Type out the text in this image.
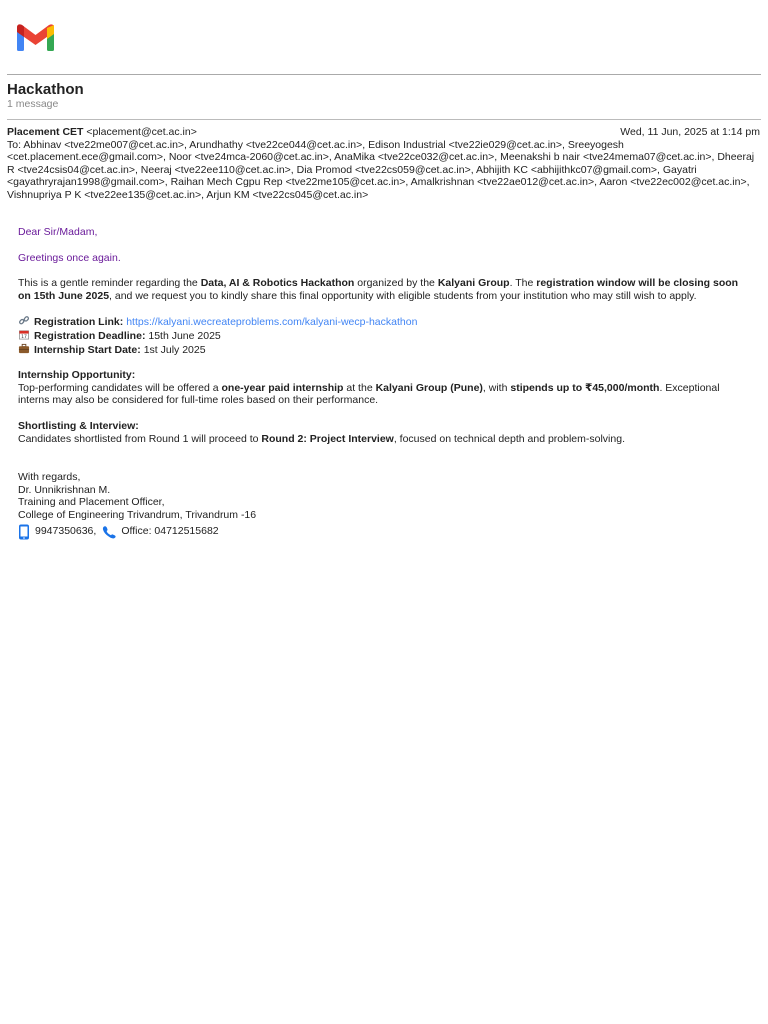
Hackathon
1 message
Placement CET <placement@cet.ac.in>	Wed, 11 Jun, 2025 at 1:14 pm
To: Abhinav <tve22me007@cet.ac.in>, Arundhathy <tve22ce044@cet.ac.in>, Edison Industrial <tve22ie029@cet.ac.in>, Sreeyogesh <cet.placement.ece@gmail.com>, Noor <tve24mca-2060@cet.ac.in>, AnaMika <tve22ce032@cet.ac.in>, Meenakshi b nair <tve24mema07@cet.ac.in>, Dheeraj R <tve24csis04@cet.ac.in>, Neeraj <tve22ee110@cet.ac.in>, Dia Promod <tve22cs059@cet.ac.in>, Abhijith KC <abhijithkc07@gmail.com>, Gayatri <gayathryrajan1998@gmail.com>, Raihan Mech Cgpu Rep <tve22me105@cet.ac.in>, Amalkrishnan <tve22ae012@cet.ac.in>, Aaron <tve22ec002@cet.ac.in>, Vishnupriya P K <tve22ee135@cet.ac.in>, Arjun KM <tve22cs045@cet.ac.in>
Dear Sir/Madam,
Greetings once again.
This is a gentle reminder regarding the Data, AI & Robotics Hackathon organized by the Kalyani Group. The registration window will be closing soon on 15th June 2025, and we request you to kindly share this final opportunity with eligible students from your institution who may still wish to apply.
Registration Link: https://kalyani.wecreateproblems.com/kalyani-wecp-hackathon
17 Registration Deadline: 15th June 2025
Internship Start Date: 1st July 2025
Internship Opportunity:
Top-performing candidates will be offered a one-year paid internship at the Kalyani Group (Pune), with stipends up to ₹45,000/month. Exceptional interns may also be considered for full-time roles based on their performance.
Shortlisting & Interview:
Candidates shortlisted from Round 1 will proceed to Round 2: Project Interview, focused on technical depth and problem-solving.
With regards,
Dr. Unnikrishnan M.
Training and Placement Officer,
College of Engineering Trivandrum, Trivandrum -16
9947350636, Office: 04712515682
